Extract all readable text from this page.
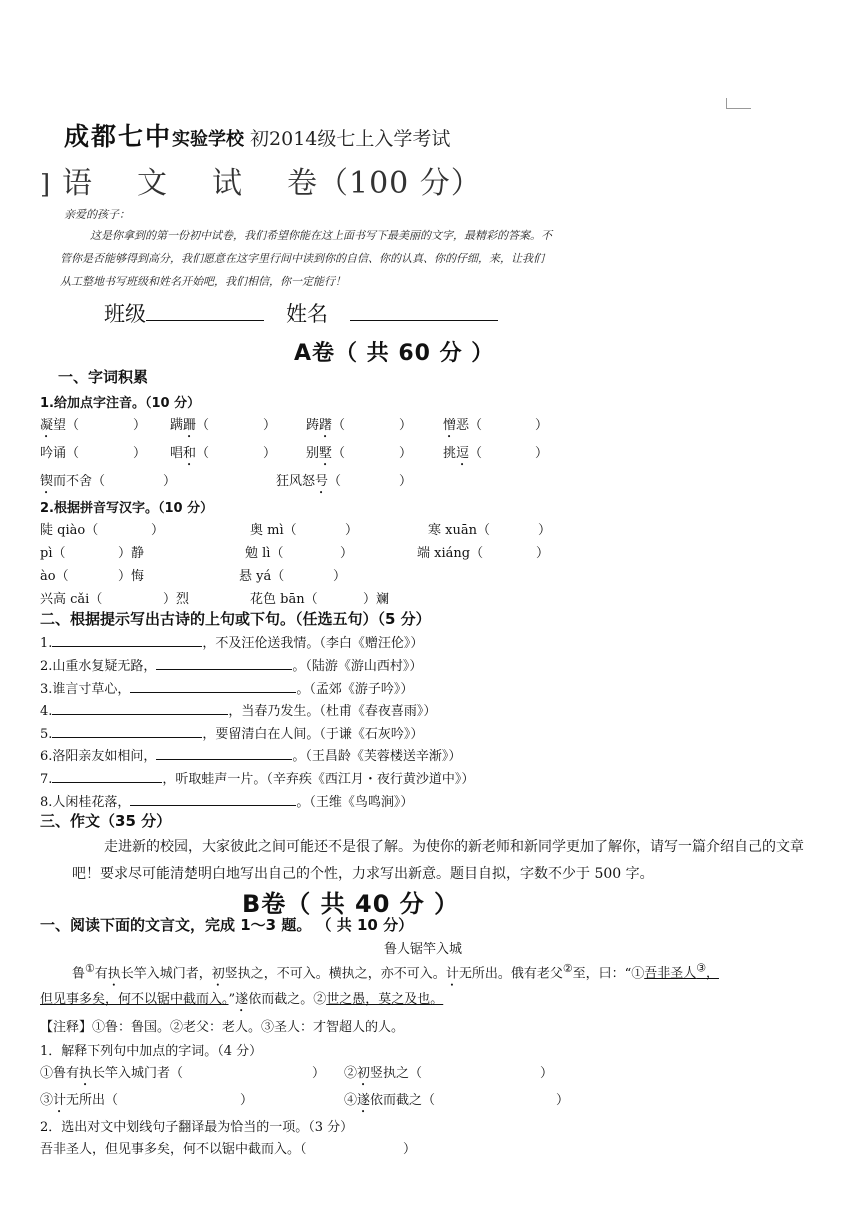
成都七中实验学校 初2014级七上入学考试
] 语 文 试 卷（100 分）
亲爱的孩子：
这是你拿到的第一份初中试卷，我们希望你能在这上面书写下最美丽的文字，最精彩的答案。不
管你是否能够得到高分，我们愿意在这字里行间中读到你的自信、你的认真、你的仔细，来，让我们
从工整地书写班级和姓名开始吧，我们相信，你一定能行！
班级	姓名
A卷（ 共 60 分 ）
一、字词积累
1.给加点字注音。（10 分）
凝望（	） 蹒跚（	） 踌躇（	） 憎恶（	）
吟诵（	） 唱和（	） 别墅（	） 挑逗（	）
锲而不舍（	）	狂风怒号（	）
2.根据拼音写汉字。（10 分）
陡 qiào（	）	奥 mì（	）	寒 xuān（	）
pì（	）静	勉 lì（	）	端 xiáng（	）
ào（	）悔	悬 yá（	）
兴高 cǎi（	）烈	花色 bān（	）斓
二、根据提示写出古诗的上句或下句。（任选五句）（5 分）
1.	，不及汪伦送我情。（李白《赠汪伦》）
2.山重水复疑无路，	。（陆游《游山西村》）
3.谁言寸草心，	。（孟郊《游子吟》）
4.	，当春乃发生。（杜甫《春夜喜雨》）
5.	，要留清白在人间。（于谦《石灰吟》）
6.洛阳亲友如相问，	。（王昌龄《芙蓉楼送辛渐》）
7.	，听取蛙声一片。（辛弃疾《西江月・夜行黄沙道中》）
8.人闲桂花落，	。（王维《鸟鸣涧》）
三、作文（35 分）
走进新的校园，大家彼此之间可能还不是很了解。为使你的新老师和新同学更加了解你，请写一篇介绍自己的文章吧！要求尽可能清楚明白地写出自己的个性，力求写出新意。题目自拟，字数不少于 500 字。
B卷（ 共 40 分 ）
一、阅读下面的文言文，完成 1～3 题。 （ 共 10 分）
鲁人锯竿入城
鲁①有执长竿入城门者，初竖执之，不可入。横执之，亦不可入。计无所出。俄有老父②至，曰：“①吾非圣人③，
但见事多矣，何不以锯中截而入。”遂依而截之。②世之愚，莫之及也。
【注释】①鲁：鲁国。②老父：老人。③圣人：才智超人的人。
1．解释下列句中加点的字词。（4 分）
①鲁有执长竿入城门者（	） ②初竖执之（	）
③计无所出（	）	④遂依而截之（	）
2．选出对文中划线句子翻译最为恰当的一项。（3 分）
吾非圣人，但见事多矣，何不以锯中截而入。（	）
